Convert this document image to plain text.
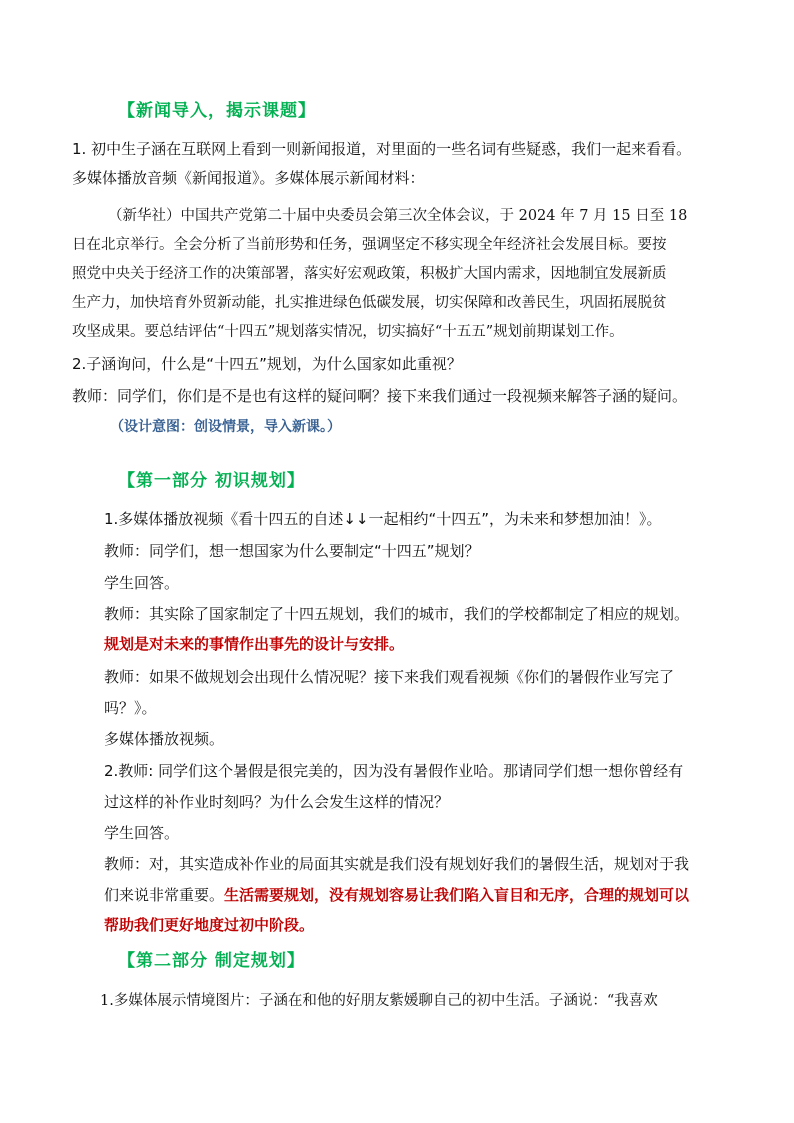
【新闻导入，揭示课题】
1. 初中生子涵在互联网上看到一则新闻报道，对里面的一些名词有些疑惑，我们一起来看看。
多媒体播放音频《新闻报道》。多媒体展示新闻材料：
（新华社）中国共产党第二十届中央委员会第三次全体会议，于 2024 年 7 月 15 日至 18
日在北京举行。全会分析了当前形势和任务，强调坚定不移实现全年经济社会发展目标。要按
照党中央关于经济工作的决策部署，落实好宏观政策，积极扩大国内需求，因地制宜发展新质
生产力，加快培育外贸新动能，扎实推进绿色低碳发展，切实保障和改善民生，巩固拓展脱贫
攻坚成果。要总结评估“十四五”规划落实情况，切实搞好“十五五”规划前期谋划工作。
2.子涵询问，什么是“十四五”规划，为什么国家如此重视？
教师：同学们，你们是不是也有这样的疑问啊？接下来我们通过一段视频来解答子涵的疑问。
（设计意图：创设情景，导入新课。）
【第一部分 初识规划】
1.多媒体播放视频《看十四五的自述↓↓一起相约“十四五”，为未来和梦想加油！》。
教师：同学们，想一想国家为什么要制定“十四五”规划？
学生回答。
教师：其实除了国家制定了十四五规划，我们的城市，我们的学校都制定了相应的规划。
规划是对未来的事情作出事先的设计与安排。
教师：如果不做规划会出现什么情况呢？接下来我们观看视频《你们的暑假作业写完了
吗？》。
多媒体播放视频。
2.教师: 同学们这个暑假是很完美的，因为没有暑假作业哈。那请同学们想一想你曾经有
过这样的补作业时刻吗？为什么会发生这样的情况？
学生回答。
教师：对，其实造成补作业的局面其实就是我们没有规划好我们的暑假生活，规划对于我
们来说非常重要。生活需要规划，没有规划容易让我们陷入盲目和无序，合理的规划可以
帮助我们更好地度过初中阶段。
【第二部分 制定规划】
1.多媒体展示情境图片：子涵在和他的好朋友紫媛聊自己的初中生活。子涵说：“我喜欢
